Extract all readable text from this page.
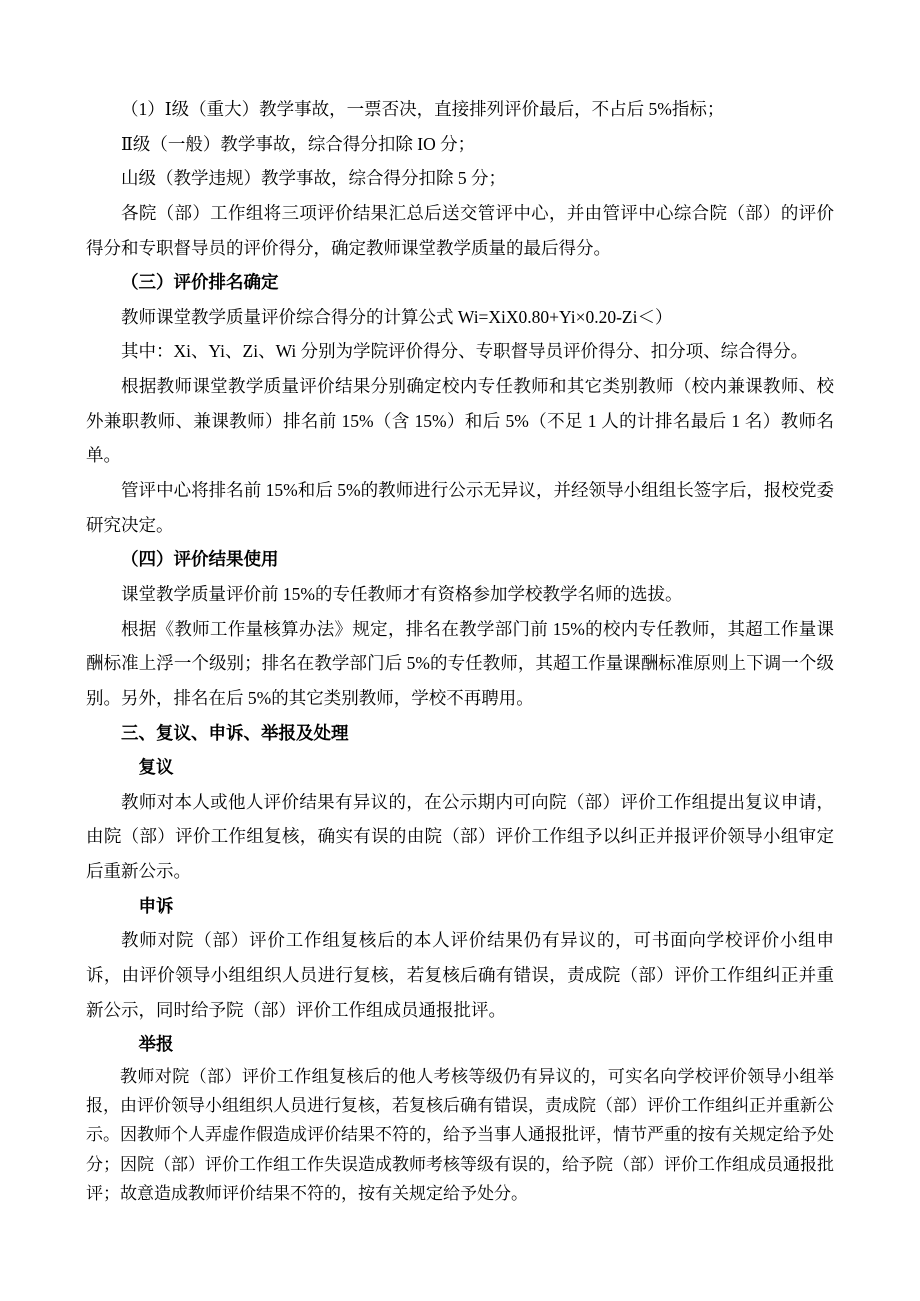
（1）Ⅰ级（重大）教学事故，一票否决，直接排列评价最后，不占后 5%指标；

Ⅱ级（一般）教学事故，综合得分扣除 IO 分；

山级（教学违规）教学事故，综合得分扣除 5 分；

各院（部）工作组将三项评价结果汇总后送交管评中心，并由管评中心综合院（部）的评价得分和专职督导员的评价得分，确定教师课堂教学质量的最后得分。

（三）评价排名确定

教师课堂教学质量评价综合得分的计算公式 Wi=XiX0.80+Yi×0.20-Zi＜）

其中：Xi、Yi、Zi、Wi 分别为学院评价得分、专职督导员评价得分、扣分项、综合得分。

根据教师课堂教学质量评价结果分别确定校内专任教师和其它类别教师（校内兼课教师、校外兼职教师、兼课教师）排名前 15%（含 15%）和后 5%（不足 1 人的计排名最后 1 名）教师名单。

管评中心将排名前 15%和后 5%的教师进行公示无异议，并经领导小组组长签字后，报校党委研究决定。

（四）评价结果使用

课堂教学质量评价前 15%的专任教师才有资格参加学校教学名师的选拔。

根据《教师工作量核算办法》规定，排名在教学部门前 15%的校内专任教师，其超工作量课酬标准上浮一个级别；排名在教学部门后 5%的专任教师，其超工作量课酬标准原则上下调一个级别。另外，排名在后 5%的其它类别教师，学校不再聘用。

三、复议、申诉、举报及处理

复议

教师对本人或他人评价结果有异议的，在公示期内可向院（部）评价工作组提出复议申请，由院（部）评价工作组复核，确实有误的由院（部）评价工作组予以纠正并报评价领导小组审定后重新公示。

申诉

教师对院（部）评价工作组复核后的本人评价结果仍有异议的，可书面向学校评价小组申诉，由评价领导小组组织人员进行复核，若复核后确有错误，责成院（部）评价工作组纠正并重新公示，同时给予院（部）评价工作组成员通报批评。

举报

教师对院（部）评价工作组复核后的他人考核等级仍有异议的，可实名向学校评价领导小组举报，由评价领导小组组织人员进行复核，若复核后确有错误，责成院（部）评价工作组纠正并重新公示。因教师个人弄虚作假造成评价结果不符的，给予当事人通报批评，情节严重的按有关规定给予处分；因院（部）评价工作组工作失误造成教师考核等级有误的，给予院（部）评价工作组成员通报批评；故意造成教师评价结果不符的，按有关规定给予处分。
